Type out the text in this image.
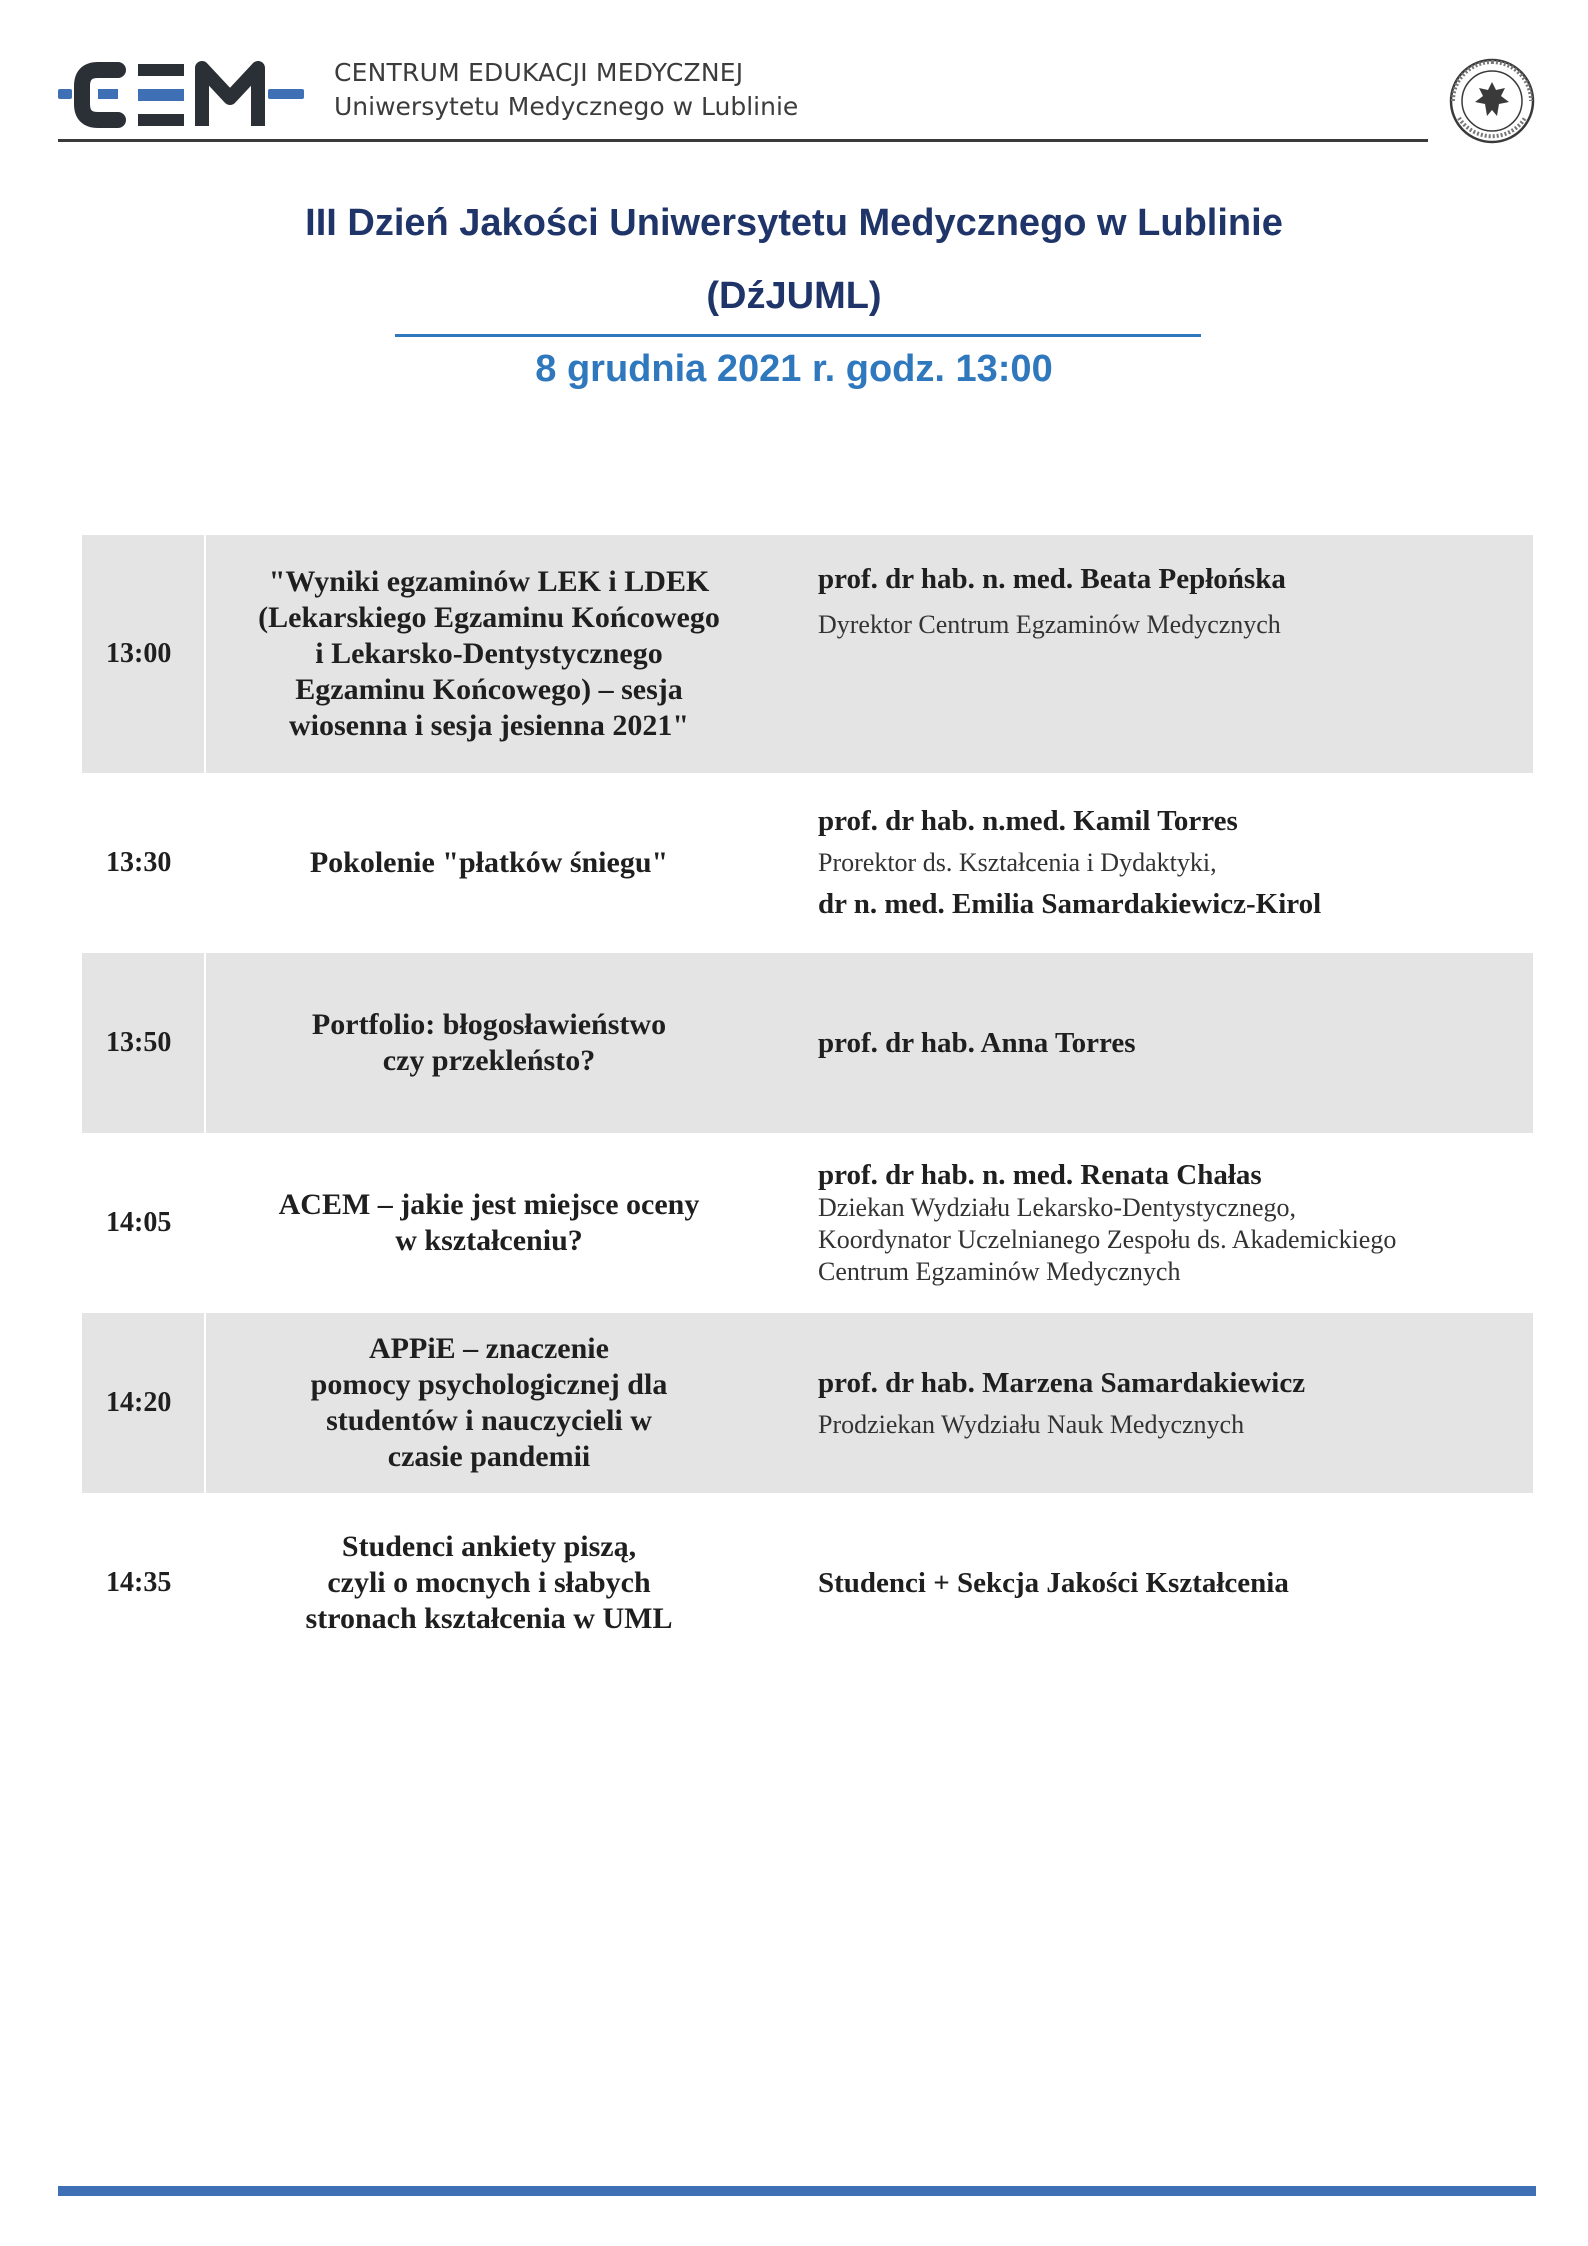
CENTRUM EDUKACJI MEDYCZNEJ
Uniwersytetu Medycznego w Lublinie
III Dzień Jakości Uniwersytetu Medycznego w Lublinie
(DźJUML)
8 grudnia 2021 r. godz. 13:00
13:00
"Wyniki egzaminów LEK i LDEK
(Lekarskiego Egzaminu Końcowego
i Lekarsko-Dentystycznego
Egzaminu Końcowego) – sesja
wiosenna i sesja jesienna 2021"
prof. dr hab. n. med. Beata Pepłońska
Dyrektor Centrum Egzaminów Medycznych
13:30	Pokolenie "płatków śniegu"
prof. dr hab. n.med. Kamil Torres
Prorektor ds. Kształcenia i Dydaktyki,
dr n. med. Emilia Samardakiewicz-Kirol
13:50
Portfolio: błogosławieństwo
czy przekleństo?
prof. dr hab. Anna Torres
14:05
ACEM – jakie jest miejsce oceny
w kształceniu?
prof. dr hab. n. med. Renata Chałas
Dziekan Wydziału Lekarsko-Dentystycznego,
Koordynator Uczelnianego Zespołu ds. Akademickiego
Centrum Egzaminów Medycznych
14:20
APPiE – znaczenie
pomocy psychologicznej dla
studentów i nauczycieli w
czasie pandemii
prof. dr hab. Marzena Samardakiewicz
Prodziekan Wydziału Nauk Medycznych
14:35
Studenci ankiety piszą,
czyli o mocnych i słabych
stronach kształcenia w UML
Studenci + Sekcja Jakości Kształcenia
